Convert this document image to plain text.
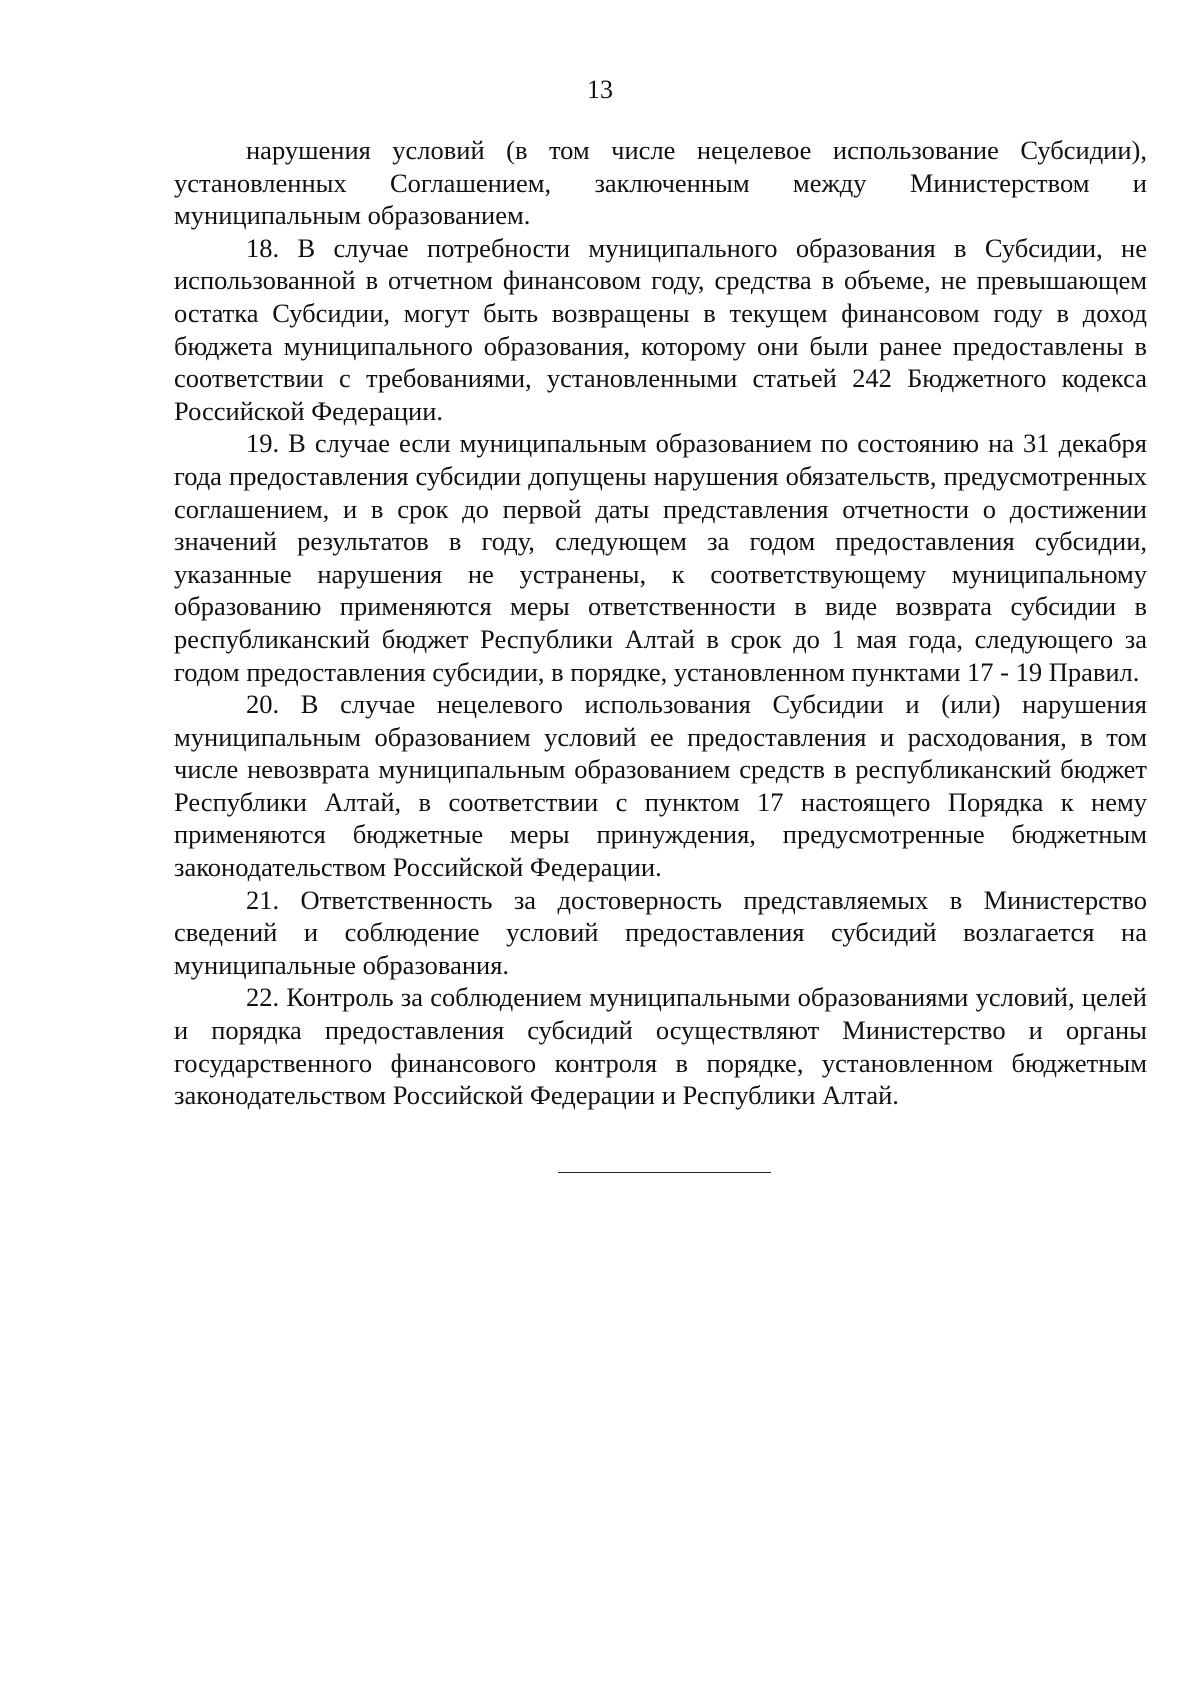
13

нарушения условий (в том числе нецелевое использование Субсидии), установленных Соглашением, заключенным между Министерством и муниципальным образованием.

18. В случае потребности муниципального образования в Субсидии, не использованной в отчетном финансовом году, средства в объеме, не превышающем остатка Субсидии, могут быть возвращены в текущем финансовом году в доход бюджета муниципального образования, которому они были ранее предоставлены в соответствии с требованиями, установленными статьей 242 Бюджетного кодекса Российской Федерации.

19. В случае если муниципальным образованием по состоянию на 31 декабря года предоставления субсидии допущены нарушения обязательств, предусмотренных соглашением, и в срок до первой даты представления отчетности о достижении значений результатов в году, следующем за годом предоставления субсидии, указанные нарушения не устранены, к соответствующему муниципальному образованию применяются меры ответственности в виде возврата субсидии в республиканский бюджет Республики Алтай в срок до 1 мая года, следующего за годом предоставления субсидии, в порядке, установленном пунктами 17 - 19 Правил.

20. В случае нецелевого использования Субсидии и (или) нарушения муниципальным образованием условий ее предоставления и расходования, в том числе невозврата муниципальным образованием средств в республиканский бюджет Республики Алтай, в соответствии с пунктом 17 настоящего Порядка к нему применяются бюджетные меры принуждения, предусмотренные бюджетным законодательством Российской Федерации.

21. Ответственность за достоверность представляемых в Министерство сведений и соблюдение условий предоставления субсидий возлагается на муниципальные образования.

22. Контроль за соблюдением муниципальными образованиями условий, целей и порядка предоставления субсидий осуществляют Министерство и органы государственного финансового контроля в порядке, установленном бюджетным законодательством Российской Федерации и Республики Алтай.
